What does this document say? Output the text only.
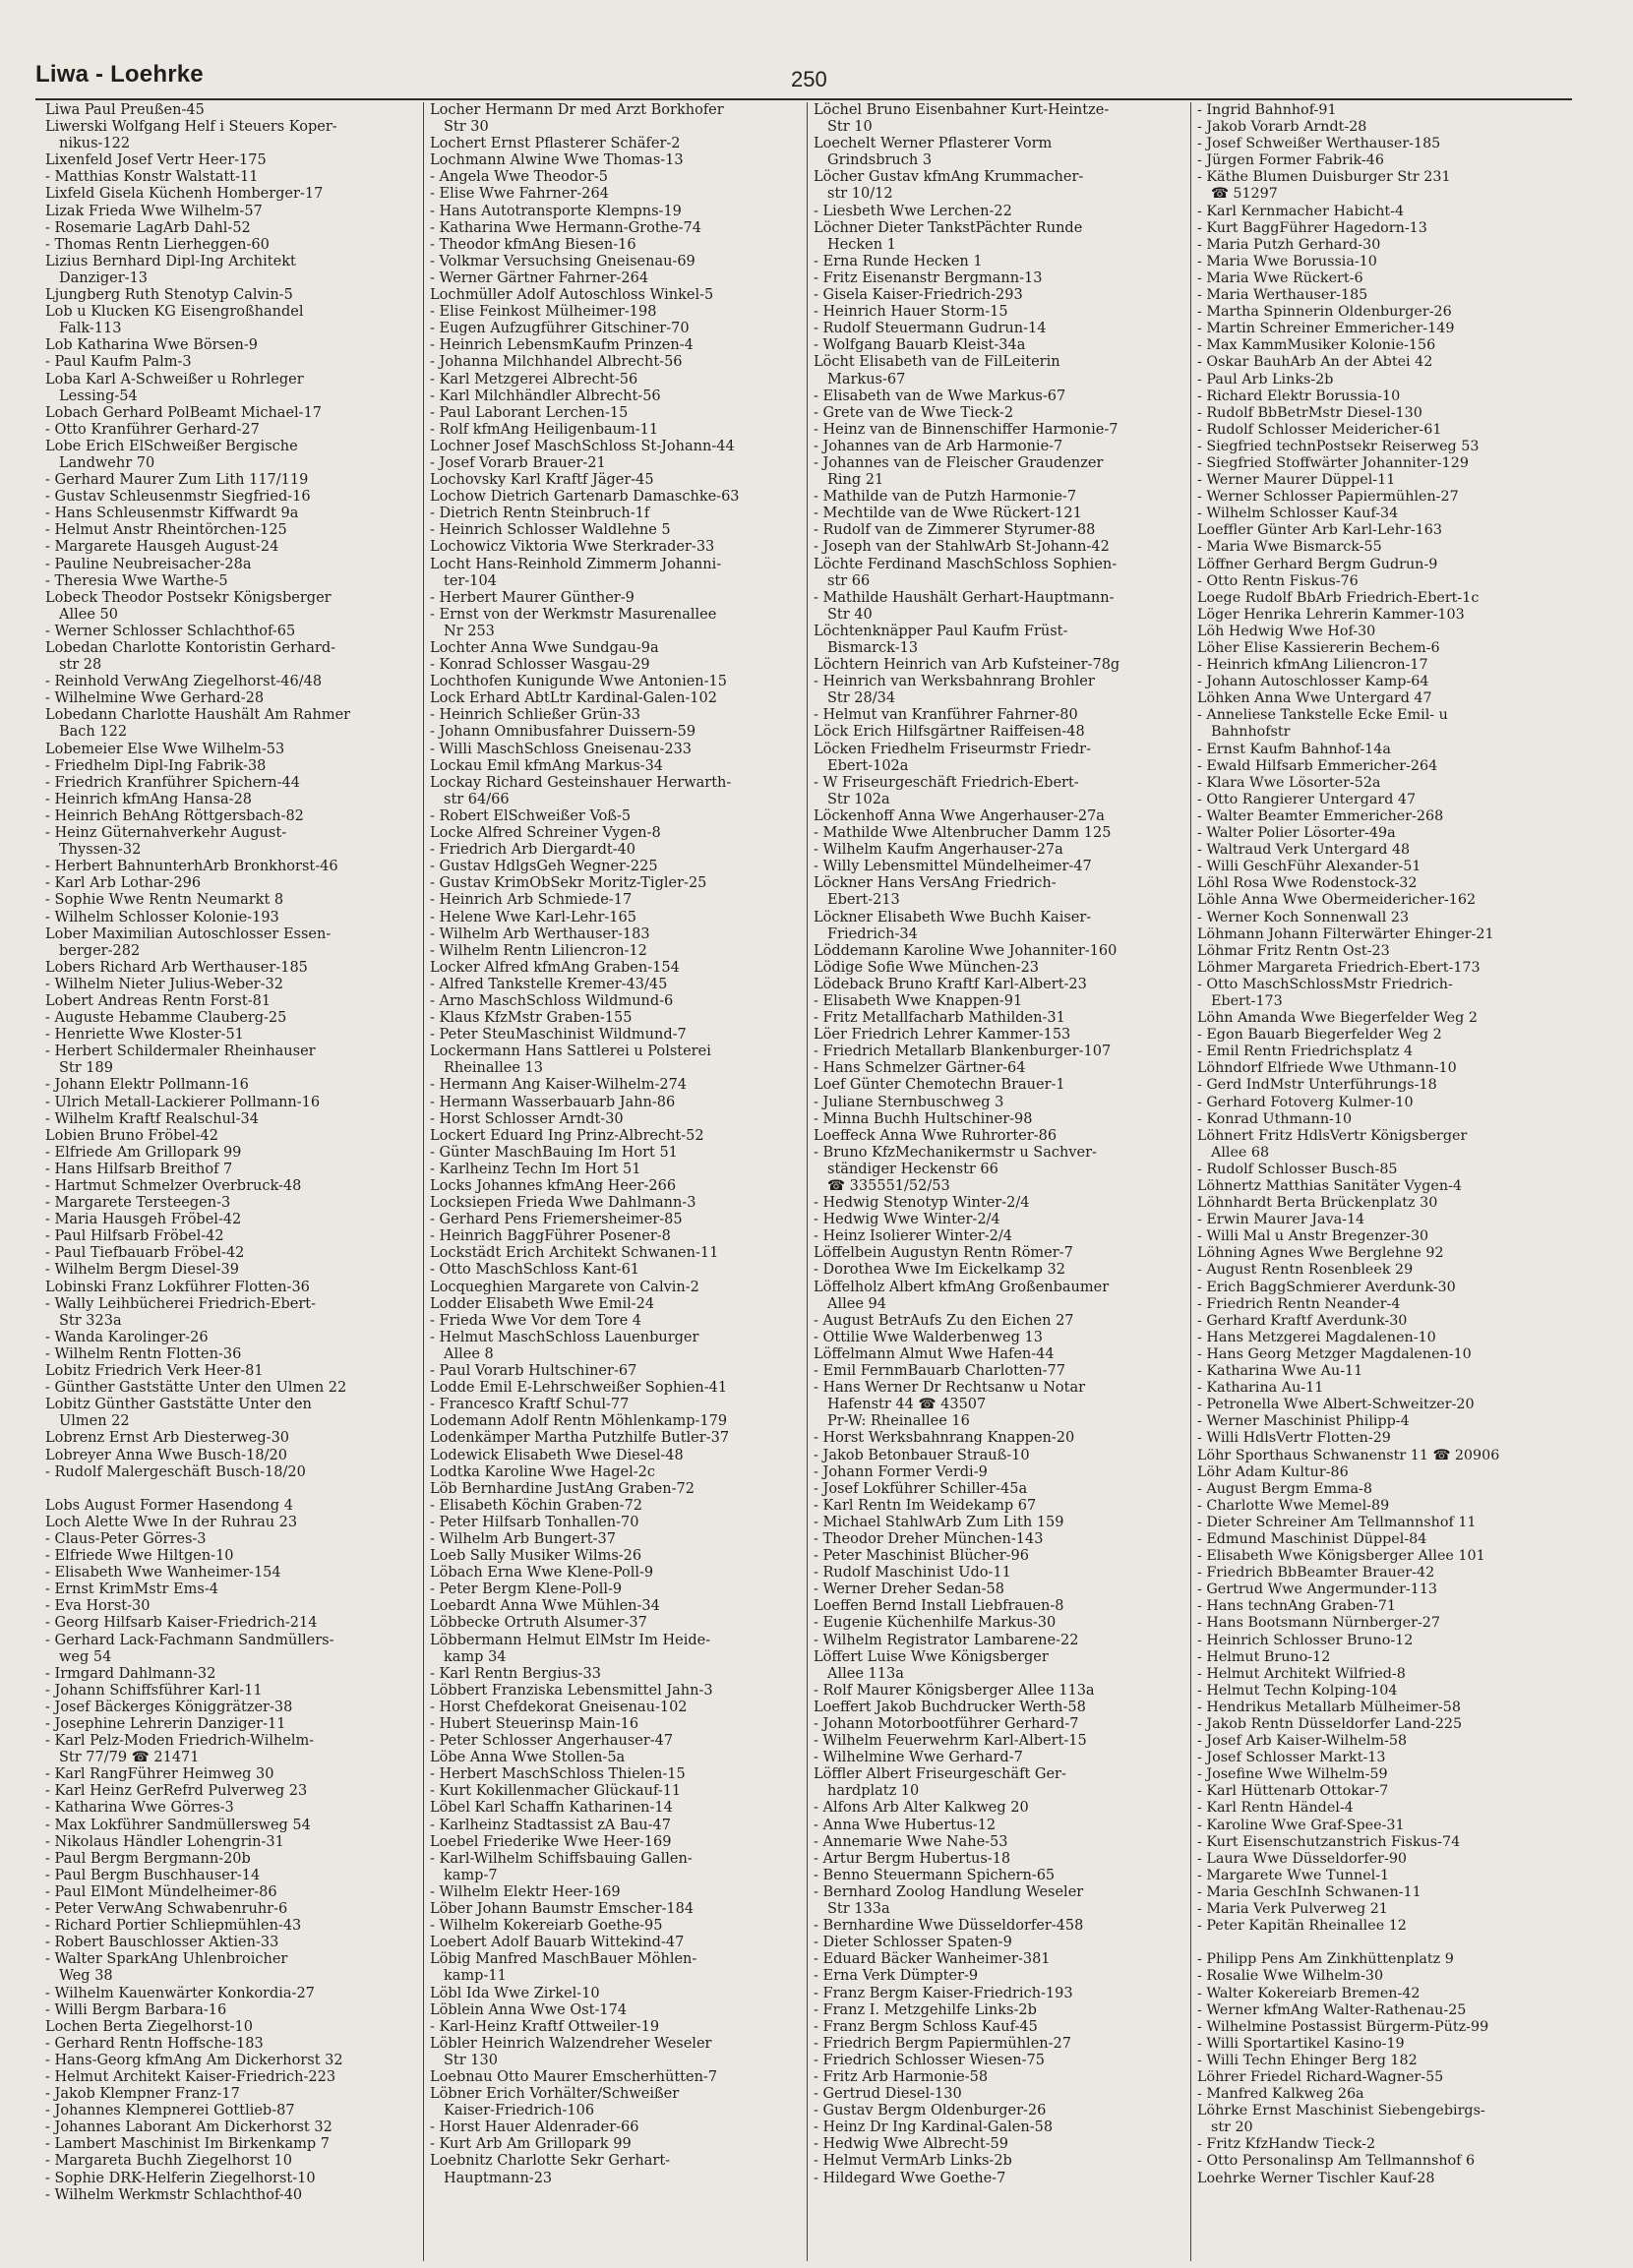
Liwa - Loehrke	250
Liwa Paul Preußen-45
Liwerski Wolfgang Helf i Steuers Koper-
nikus-122
Lixenfeld Josef Vertr Heer-175
- Matthias Konstr Walstatt-11
Lixfeld Gisela Küchenh Homberger-17
Lizak Frieda Wwe Wilhelm-57
- Rosemarie LagArb Dahl-52
- Thomas Rentn Lierheggen-60
Lizius Bernhard Dipl-Ing Architekt
Danziger-13
Ljungberg Ruth Stenotyp Calvin-5
Lob u Klucken KG Eisengroßhandel
Falk-113
Lob Katharina Wwe Börsen-9
- Paul Kaufm Palm-3
Loba Karl A-Schweißer u Rohrleger
Lessing-54
Lobach Gerhard PolBeamt Michael-17
- Otto Kranführer Gerhard-27
Lobe Erich ElSchweißer Bergische
Landwehr 70
- Gerhard Maurer Zum Lith 117/119
- Gustav Schleusenmstr Siegfried-16
- Hans Schleusenmstr Kiffwardt 9a
- Helmut Anstr Rheintörchen-125
- Margarete Hausgeh August-24
- Pauline Neubreisacher-28a
- Theresia Wwe Warthe-5
Lobeck Theodor Postsekr Königsberger
Allee 50
- Werner Schlosser Schlachthof-65
Lobedan Charlotte Kontoristin Gerhard-
str 28
- Reinhold VerwAng Ziegelhorst-46/48
- Wilhelmine Wwe Gerhard-28
Lobedann Charlotte Haushält Am Rahmer
Bach 122
Lobemeier Else Wwe Wilhelm-53
- Friedhelm Dipl-Ing Fabrik-38
- Friedrich Kranführer Spichern-44
- Heinrich kfmAng Hansa-28
- Heinrich BehAng Röttgersbach-82
- Heinz Güternahverkehr August-
Thyssen-32
- Herbert BahnunterhArb Bronkhorst-46
- Karl Arb Lothar-296
- Sophie Wwe Rentn Neumarkt 8
- Wilhelm Schlosser Kolonie-193
Lober Maximilian Autoschlosser Essen-
berger-282
Lobers Richard Arb Werthauser-185
- Wilhelm Nieter Julius-Weber-32
Lobert Andreas Rentn Forst-81
- Auguste Hebamme Clauberg-25
- Henriette Wwe Kloster-51
- Herbert Schildermaler Rheinhauser
Str 189
- Johann Elektr Pollmann-16
- Ulrich Metall-Lackierer Pollmann-16
- Wilhelm Kraftf Realschul-34
Lobien Bruno Fröbel-42
- Elfriede Am Grillopark 99
- Hans Hilfsarb Breithof 7
- Hartmut Schmelzer Overbruck-48
- Margarete Tersteegen-3
- Maria Hausgeh Fröbel-42
- Paul Hilfsarb Fröbel-42
- Paul Tiefbauarb Fröbel-42
- Wilhelm Bergm Diesel-39
Lobinski Franz Lokführer Flotten-36
- Wally Leihbücherei Friedrich-Ebert-
Str 323a
- Wanda Karolinger-26
- Wilhelm Rentn Flotten-36
Lobitz Friedrich Verk Heer-81
- Günther Gaststätte Unter den Ulmen 22
Lobitz Günther Gaststätte Unter den
Ulmen 22
Lobrenz Ernst Arb Diesterweg-30
Lobreyer Anna Wwe Busch-18/20
- Rudolf Malergeschäft Busch-18/20
Lobs August Former Hasendong 4
Loch Alette Wwe In der Ruhrau 23
- Claus-Peter Görres-3
- Elfriede Wwe Hiltgen-10
- Elisabeth Wwe Wanheimer-154
- Ernst KrimMstr Ems-4
- Eva Horst-30
- Georg Hilfsarb Kaiser-Friedrich-214
- Gerhard Lack-Fachmann Sandmüllers-
weg 54
- Irmgard Dahlmann-32
- Johann Schiffsführer Karl-11
- Josef Bäckerges Königgrätzer-38
- Josephine Lehrerin Danziger-11
- Karl Pelz-Moden Friedrich-Wilhelm-
Str 77/79 ☎ 21471
- Karl RangFührer Heimweg 30
- Karl Heinz GerRefrd Pulverweg 23
- Katharina Wwe Görres-3
- Max Lokführer Sandmüllersweg 54
- Nikolaus Händler Lohengrin-31
- Paul Bergm Bergmann-20b
- Paul Bergm Buschhauser-14
- Paul ElMont Mündelheimer-86
- Peter VerwAng Schwabenruhr-6
- Richard Portier Schliepmühlen-43
- Robert Bauschlosser Aktien-33
- Walter SparkAng Uhlenbroicher
Weg 38
- Wilhelm Kauenwärter Konkordia-27
- Willi Bergm Barbara-16
Lochen Berta Ziegelhorst-10
- Gerhard Rentn Hoffsche-183
- Hans-Georg kfmAng Am Dickerhorst 32
- Helmut Architekt Kaiser-Friedrich-223
- Jakob Klempner Franz-17
- Johannes Klempnerei Gottlieb-87
- Johannes Laborant Am Dickerhorst 32
- Lambert Maschinist Im Birkenkamp 7
- Margareta Buchh Ziegelhorst 10
- Sophie DRK-Helferin Ziegelhorst-10
- Wilhelm Werkmstr Schlachthof-40
Locher Hermann Dr med Arzt Borkhofer
Str 30
Lochert Ernst Pflasterer Schäfer-2
Lochmann Alwine Wwe Thomas-13
- Angela Wwe Theodor-5
- Elise Wwe Fahrner-264
- Hans Autotransporte Klempns-19
- Katharina Wwe Hermann-Grothe-74
- Theodor kfmAng Biesen-16
- Volkmar Versuchsing Gneisenau-69
- Werner Gärtner Fahrner-264
Lochmüller Adolf Autoschloss Winkel-5
- Elise Feinkost Mülheimer-198
- Eugen Aufzugführer Gitschiner-70
- Heinrich LebensmKaufm Prinzen-4
- Johanna Milchhandel Albrecht-56
- Karl Metzgerei Albrecht-56
- Karl Milchhändler Albrecht-56
- Paul Laborant Lerchen-15
- Rolf kfmAng Heiligenbaum-11
Lochner Josef MaschSchloss St-Johann-44
- Josef Vorarb Brauer-21
Lochovsky Karl Kraftf Jäger-45
Lochow Dietrich Gartenarb Damaschke-63
- Dietrich Rentn Steinbruch-1f
- Heinrich Schlosser Waldlehne 5
Lochowicz Viktoria Wwe Sterkrader-33
Locht Hans-Reinhold Zimmerm Johanni-
ter-104
- Herbert Maurer Günther-9
- Ernst von der Werkmstr Masurenallee
Nr 253
Lochter Anna Wwe Sundgau-9a
- Konrad Schlosser Wasgau-29
Lochthofen Kunigunde Wwe Antonien-15
Lock Erhard AbtLtr Kardinal-Galen-102
- Heinrich Schließer Grün-33
- Johann Omnibusfahrer Duissern-59
- Willi MaschSchloss Gneisenau-233
Lockau Emil kfmAng Markus-34
Lockay Richard Gesteinshauer Herwarth-
str 64/66
- Robert ElSchweißer Voß-5
Locke Alfred Schreiner Vygen-8
- Friedrich Arb Diergardt-40
- Gustav HdlgsGeh Wegner-225
- Gustav KrimObSekr Moritz-Tigler-25
- Heinrich Arb Schmiede-17
- Helene Wwe Karl-Lehr-165
- Wilhelm Arb Werthauser-183
- Wilhelm Rentn Liliencron-12
Locker Alfred kfmAng Graben-154
- Alfred Tankstelle Kremer-43/45
- Arno MaschSchloss Wildmund-6
- Klaus KfzMstr Graben-155
- Peter SteuMaschinist Wildmund-7
Lockermann Hans Sattlerei u Polsterei
Rheinallee 13
- Hermann Ang Kaiser-Wilhelm-274
- Hermann Wasserbauarb Jahn-86
- Horst Schlosser Arndt-30
Lockert Eduard Ing Prinz-Albrecht-52
- Günter MaschBauing Im Hort 51
- Karlheinz Techn Im Hort 51
Locks Johannes kfmAng Heer-266
Locksiepen Frieda Wwe Dahlmann-3
- Gerhard Pens Friemersheimer-85
- Heinrich BaggFührer Posener-8
Lockstädt Erich Architekt Schwanen-11
- Otto MaschSchloss Kant-61
Locqueghien Margarete von Calvin-2
Lodder Elisabeth Wwe Emil-24
- Frieda Wwe Vor dem Tore 4
- Helmut MaschSchloss Lauenburger
Allee 8
- Paul Vorarb Hultschiner-67
Lodde Emil E-Lehrschweißer Sophien-41
- Francesco Kraftf Schul-77
Lodemann Adolf Rentn Möhlenkamp-179
Lodenkämper Martha Putzhilfe Butler-37
Lodewick Elisabeth Wwe Diesel-48
Lodtka Karoline Wwe Hagel-2c
Löb Bernhardine JustAng Graben-72
- Elisabeth Köchin Graben-72
- Peter Hilfsarb Tonhallen-70
- Wilhelm Arb Bungert-37
Loeb Sally Musiker Wilms-26
Löbach Erna Wwe Klene-Poll-9
- Peter Bergm Klene-Poll-9
Loebardt Anna Wwe Mühlen-34
Löbbecke Ortruth Alsumer-37
Löbbermann Helmut ElMstr Im Heide-
kamp 34
- Karl Rentn Bergius-33
Löbbert Franziska Lebensmittel Jahn-3
- Horst Chefdekorat Gneisenau-102
- Hubert Steuerinsp Main-16
- Peter Schlosser Angerhauser-47
Löbe Anna Wwe Stollen-5a
- Herbert MaschSchloss Thielen-15
- Kurt Kokillenmacher Glückauf-11
Löbel Karl Schaffn Katharinen-14
- Karlheinz Stadtassist zA Bau-47
Loebel Friederike Wwe Heer-169
- Karl-Wilhelm Schiffsbauing Gallen-
kamp-7
- Wilhelm Elektr Heer-169
Löber Johann Baumstr Emscher-184
- Wilhelm Kokereiarb Goethe-95
Loebert Adolf Bauarb Wittekind-47
Löbig Manfred MaschBauer Möhlen-
kamp-11
Löbl Ida Wwe Zirkel-10
Löblein Anna Wwe Ost-174
- Karl-Heinz Kraftf Ottweiler-19
Löbler Heinrich Walzendreher Weseler
Str 130
Loebnau Otto Maurer Emscherhütten-7
Löbner Erich Vorhälter/Schweißer
Kaiser-Friedrich-106
- Horst Hauer Aldenrader-66
- Kurt Arb Am Grillopark 99
Loebnitz Charlotte Sekr Gerhart-
Hauptmann-23
Löchel Bruno Eisenbahner Kurt-Heintze-
Str 10
Loechelt Werner Pflasterer Vorm
Grindsbruch 3
Löcher Gustav kfmAng Krummacher-
str 10/12
- Liesbeth Wwe Lerchen-22
Löchner Dieter TankstPächter Runde
Hecken 1
- Erna Runde Hecken 1
- Fritz Eisenanstr Bergmann-13
- Gisela Kaiser-Friedrich-293
- Heinrich Hauer Storm-15
- Rudolf Steuermann Gudrun-14
- Wolfgang Bauarb Kleist-34a
Löcht Elisabeth van de FilLeiterin
Markus-67
- Elisabeth van de Wwe Markus-67
- Grete van de Wwe Tieck-2
- Heinz van de Binnenschiffer Harmonie-7
- Johannes van de Arb Harmonie-7
- Johannes van de Fleischer Graudenzer
Ring 21
- Mathilde van de Putzh Harmonie-7
- Mechtilde van de Wwe Rückert-121
- Rudolf van de Zimmerer Styrumer-88
- Joseph van der StahlwArb St-Johann-42
Löchte Ferdinand MaschSchloss Sophien-
str 66
- Mathilde Haushält Gerhart-Hauptmann-
Str 40
Löchtenknäpper Paul Kaufm Früst-
Bismarck-13
Löchtern Heinrich van Arb Kufsteiner-78g
- Heinrich van Werksbahnrang Brohler
Str 28/34
- Helmut van Kranführer Fahrner-80
Löck Erich Hilfsgärtner Raiffeisen-48
Löcken Friedhelm Friseurmstr Friedr-
Ebert-102a
- W Friseurgeschäft Friedrich-Ebert-
Str 102a
Löckenhoff Anna Wwe Angerhauser-27a
- Mathilde Wwe Altenbrucher Damm 125
- Wilhelm Kaufm Angerhauser-27a
- Willy Lebensmittel Mündelheimer-47
Löckner Hans VersAng Friedrich-
Ebert-213
Löckner Elisabeth Wwe Buchh Kaiser-
Friedrich-34
Löddemann Karoline Wwe Johanniter-160
Lödige Sofie Wwe München-23
Lödeback Bruno Kraftf Karl-Albert-23
- Elisabeth Wwe Knappen-91
- Fritz Metallfacharb Mathilden-31
Löer Friedrich Lehrer Kammer-153
- Friedrich Metallarb Blankenburger-107
- Hans Schmelzer Gärtner-64
Loef Günter Chemotechn Brauer-1
- Juliane Sternbuschweg 3
- Minna Buchh Hultschiner-98
Loeffeck Anna Wwe Ruhrorter-86
- Bruno KfzMechanikermstr u Sachver-
ständiger Heckenstr 66
☎ 335551/52/53
- Hedwig Stenotyp Winter-2/4
- Hedwig Wwe Winter-2/4
- Heinz Isolierer Winter-2/4
Löffelbein Augustyn Rentn Römer-7
- Dorothea Wwe Im Eickelkamp 32
Löffelholz Albert kfmAng Großenbaumer
Allee 94
- August BetrAufs Zu den Eichen 27
- Ottilie Wwe Walderbenweg 13
Löffelmann Almut Wwe Hafen-44
- Emil FernmBauarb Charlotten-77
- Hans Werner Dr Rechtsanw u Notar
Hafenstr 44 ☎ 43507
Pr-W: Rheinallee 16
- Horst Werksbahnrang Knappen-20
- Jakob Betonbauer Strauß-10
- Johann Former Verdi-9
- Josef Lokführer Schiller-45a
- Karl Rentn Im Weidekamp 67
- Michael StahlwArb Zum Lith 159
- Theodor Dreher München-143
- Peter Maschinist Blücher-96
- Rudolf Maschinist Udo-11
- Werner Dreher Sedan-58
Loeffen Bernd Install Liebfrauen-8
- Eugenie Küchenhilfe Markus-30
- Wilhelm Registrator Lambarene-22
Löffert Luise Wwe Königsberger
Allee 113a
- Rolf Maurer Königsberger Allee 113a
Loeffert Jakob Buchdrucker Werth-58
- Johann Motorbootführer Gerhard-7
- Wilhelm Feuerwehrm Karl-Albert-15
- Wilhelmine Wwe Gerhard-7
Löffler Albert Friseurgeschäft Ger-
hardplatz 10
- Alfons Arb Alter Kalkweg 20
- Anna Wwe Hubertus-12
- Annemarie Wwe Nahe-53
- Artur Bergm Hubertus-18
- Benno Steuermann Spichern-65
- Bernhard Zoolog Handlung Weseler
Str 133a
- Bernhardine Wwe Düsseldorfer-458
- Dieter Schlosser Spaten-9
- Eduard Bäcker Wanheimer-381
- Erna Verk Dümpter-9
- Franz Bergm Kaiser-Friedrich-193
- Franz I. Metzgehilfe Links-2b
- Franz Bergm Schloss Kauf-45
- Friedrich Bergm Papiermühlen-27
- Friedrich Schlosser Wiesen-75
- Fritz Arb Harmonie-58
- Gertrud Diesel-130
- Gustav Bergm Oldenburger-26
- Heinz Dr Ing Kardinal-Galen-58
- Hedwig Wwe Albrecht-59
- Helmut VermArb Links-2b
- Hildegard Wwe Goethe-7
- Ingrid Bahnhof-91
- Jakob Vorarb Arndt-28
- Josef Schweißer Werthauser-185
- Jürgen Former Fabrik-46
- Käthe Blumen Duisburger Str 231
☎ 51297
- Karl Kernmacher Habicht-4
- Kurt BaggFührer Hagedorn-13
- Maria Putzh Gerhard-30
- Maria Wwe Borussia-10
- Maria Wwe Rückert-6
- Maria Werthauser-185
- Martha Spinnerin Oldenburger-26
- Martin Schreiner Emmericher-149
- Max KammMusiker Kolonie-156
- Oskar BauhArb An der Abtei 42
- Paul Arb Links-2b
- Richard Elektr Borussia-10
- Rudolf BbBetrMstr Diesel-130
- Rudolf Schlosser Meidericher-61
- Siegfried technPostsekr Reiserweg 53
- Siegfried Stoffwärter Johanniter-129
- Werner Maurer Düppel-11
- Werner Schlosser Papiermühlen-27
- Wilhelm Schlosser Kauf-34
Loeffler Günter Arb Karl-Lehr-163
- Maria Wwe Bismarck-55
Löffner Gerhard Bergm Gudrun-9
- Otto Rentn Fiskus-76
Loege Rudolf BbArb Friedrich-Ebert-1c
Löger Henrika Lehrerin Kammer-103
Löh Hedwig Wwe Hof-30
Löher Elise Kassiererin Bechem-6
- Heinrich kfmAng Liliencron-17
- Johann Autoschlosser Kamp-64
Löhken Anna Wwe Untergard 47
- Anneliese Tankstelle Ecke Emil- u
Bahnhofstr
- Ernst Kaufm Bahnhof-14a
- Ewald Hilfsarb Emmericher-264
- Klara Wwe Lösorter-52a
- Otto Rangierer Untergard 47
- Walter Beamter Emmericher-268
- Walter Polier Lösorter-49a
- Waltraud Verk Untergard 48
- Willi GeschFühr Alexander-51
Löhl Rosa Wwe Rodenstock-32
Löhle Anna Wwe Obermeidericher-162
- Werner Koch Sonnenwall 23
Löhmann Johann Filterwärter Ehinger-21
Löhmar Fritz Rentn Ost-23
Löhmer Margareta Friedrich-Ebert-173
- Otto MaschSchlossMstr Friedrich-
Ebert-173
Löhn Amanda Wwe Biegerfelder Weg 2
- Egon Bauarb Biegerfelder Weg 2
- Emil Rentn Friedrichsplatz 4
Löhndorf Elfriede Wwe Uthmann-10
- Gerd IndMstr Unterführungs-18
- Gerhard Fotoverg Kulmer-10
- Konrad Uthmann-10
Löhnert Fritz HdlsVertr Königsberger
Allee 68
- Rudolf Schlosser Busch-85
Löhnertz Matthias Sanitäter Vygen-4
Löhnhardt Berta Brückenplatz 30
- Erwin Maurer Java-14
- Willi Mal u Anstr Bregenzer-30
Löhning Agnes Wwe Berglehne 92
- August Rentn Rosenbleek 29
- Erich BaggSchmierer Averdunk-30
- Friedrich Rentn Neander-4
- Gerhard Kraftf Averdunk-30
- Hans Metzgerei Magdalenen-10
- Hans Georg Metzger Magdalenen-10
- Katharina Wwe Au-11
- Katharina Au-11
- Petronella Wwe Albert-Schweitzer-20
- Werner Maschinist Philipp-4
- Willi HdlsVertr Flotten-29
Löhr Sporthaus Schwanenstr 11 ☎ 20906
Löhr Adam Kultur-86
- August Bergm Emma-8
- Charlotte Wwe Memel-89
- Dieter Schreiner Am Tellmannshof 11
- Edmund Maschinist Düppel-84
- Elisabeth Wwe Königsberger Allee 101
- Friedrich BbBeamter Brauer-42
- Gertrud Wwe Angermunder-113
- Hans technAng Graben-71
- Hans Bootsmann Nürnberger-27
- Heinrich Schlosser Bruno-12
- Helmut Bruno-12
- Helmut Architekt Wilfried-8
- Helmut Techn Kolping-104
- Hendrikus Metallarb Mülheimer-58
- Jakob Rentn Düsseldorfer Land-225
- Josef Arb Kaiser-Wilhelm-58
- Josef Schlosser Markt-13
- Josefine Wwe Wilhelm-59
- Karl Hüttenarb Ottokar-7
- Karl Rentn Händel-4
- Karoline Wwe Graf-Spee-31
- Kurt Eisenschutzanstrich Fiskus-74
- Laura Wwe Düsseldorfer-90
- Margarete Wwe Tunnel-1
- Maria GeschInh Schwanen-11
- Maria Verk Pulverweg 21
- Peter Kapitän Rheinallee 12
- Philipp Pens Am Zinkhüttenplatz 9
- Rosalie Wwe Wilhelm-30
- Walter Kokereiarb Bremen-42
- Werner kfmAng Walter-Rathenau-25
- Wilhelmine Postassist Bürgerm-Pütz-99
- Willi Sportartikel Kasino-19
- Willi Techn Ehinger Berg 182
Löhrer Friedel Richard-Wagner-55
- Manfred Kalkweg 26a
Löhrke Ernst Maschinist Siebengebirgs-
str 20
- Fritz KfzHandw Tieck-2
- Otto Personalinsp Am Tellmannshof 6
Loehrke Werner Tischler Kauf-28
